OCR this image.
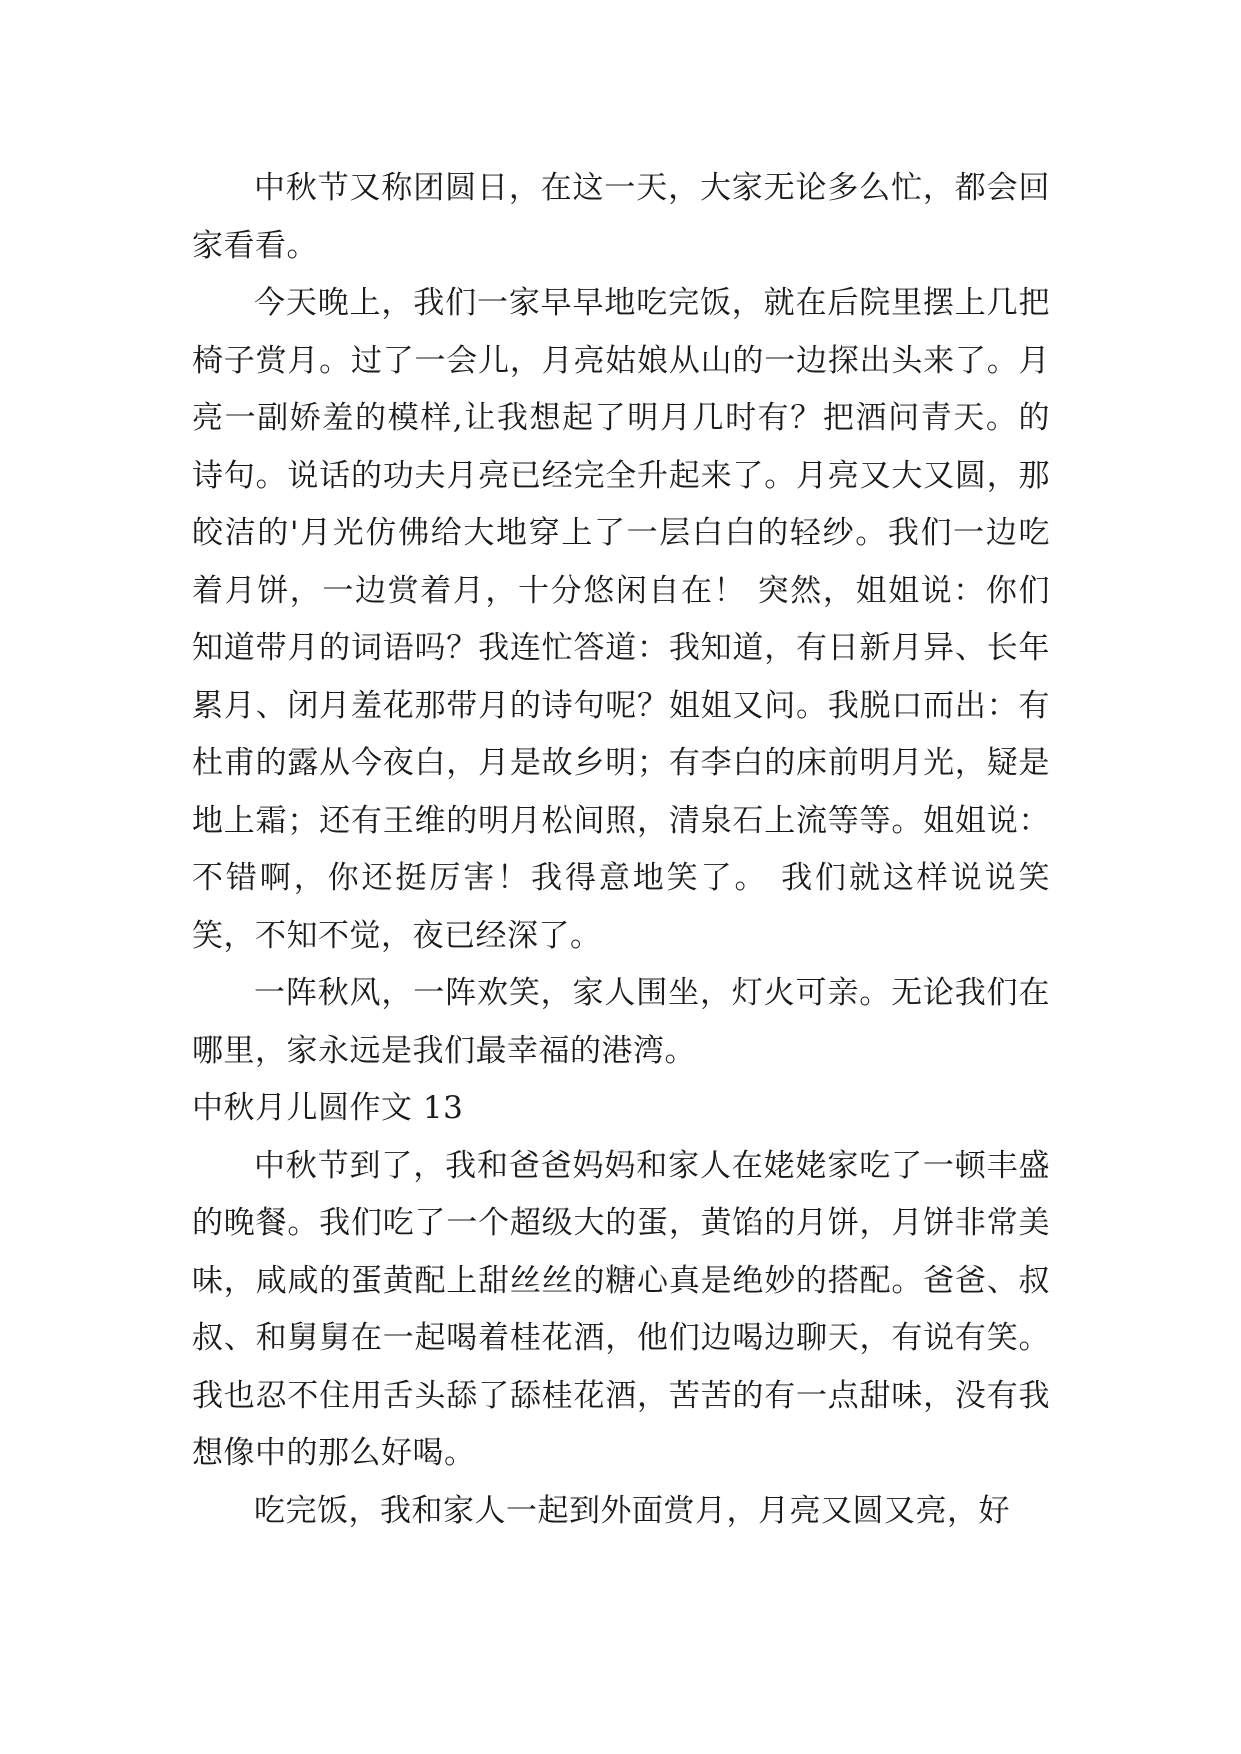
中秋节又称团圆日，在这一天，大家无论多么忙，都会回家看看。

今天晚上，我们一家早早地吃完饭，就在后院里摆上几把椅子赏月。过了一会儿，月亮姑娘从山的一边探出头来了。月亮一副娇羞的模样,让我想起了明月几时有？把酒问青天。的诗句。说话的功夫月亮已经完全升起来了。月亮又大又圆，那皎洁的'月光仿佛给大地穿上了一层白白的轻纱。我们一边吃着月饼，一边赏着月，十分悠闲自在！ 突然，姐姐说：你们知道带月的词语吗？我连忙答道：我知道，有日新月异、长年累月、闭月羞花那带月的诗句呢？姐姐又问。我脱口而出：有杜甫的露从今夜白，月是故乡明；有李白的床前明月光，疑是地上霜；还有王维的明月松间照，清泉石上流等等。姐姐说：不错啊，你还挺厉害！我得意地笑了。 我们就这样说说笑笑，不知不觉，夜已经深了。

一阵秋风，一阵欢笑，家人围坐，灯火可亲。无论我们在哪里，家永远是我们最幸福的港湾。

中秋月儿圆作文 13

中秋节到了，我和爸爸妈妈和家人在姥姥家吃了一顿丰盛的晚餐。我们吃了一个超级大的蛋，黄馅的月饼，月饼非常美味，咸咸的蛋黄配上甜丝丝的糖心真是绝妙的搭配。爸爸、叔叔、和舅舅在一起喝着桂花酒，他们边喝边聊天，有说有笑。我也忍不住用舌头舔了舔桂花酒，苦苦的有一点甜味，没有我想像中的那么好喝。

吃完饭，我和家人一起到外面赏月，月亮又圆又亮，好
